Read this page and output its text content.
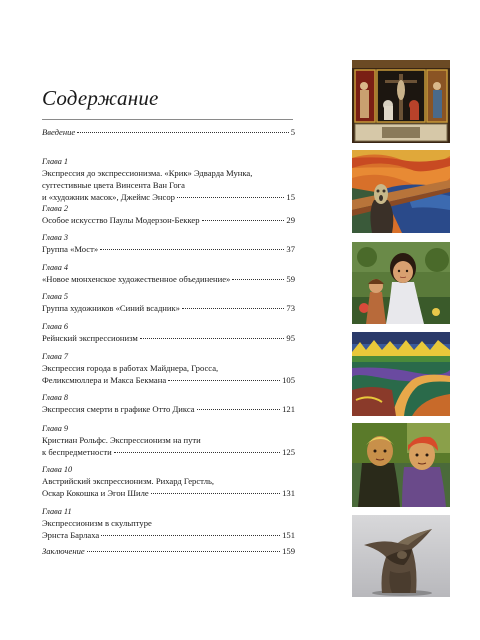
Содержание
Введение	5
Глава 1
Экспрессия до экспрессионизма. «Крик» Эдварда Мунка,
суггестивные цвета Винсента Ван Гога
и «художник масок», Джеймс Энсор	15
Глава 2
Особое искусство Паулы Модерзон-Беккер	29
Глава 3
Группа «Мост»	37
Глава 4
«Новое мюнхенское художественное объединение»	59
Глава 5
Группа художников «Синий всадник»	73
Глава 6
Рейнский экспрессионизм	95
Глава 7
Экспрессия города в работах Майднера, Гросса,
Феликсмюллера и Макса Бекмана	105
Глава 8
Экспрессия смерти в графике Отто Дикса	121
Глава 9
Кристиан Рольфс. Экспрессионизм на пути
к беспредметности	125
Глава 10
Австрийский экспрессионизм. Рихард Герстль,
Оскар Кокошка и Эгон Шиле	131
Глава 11
Экспрессионизм в скульптуре
Эрнста Барлаха	151
Заключение	159
